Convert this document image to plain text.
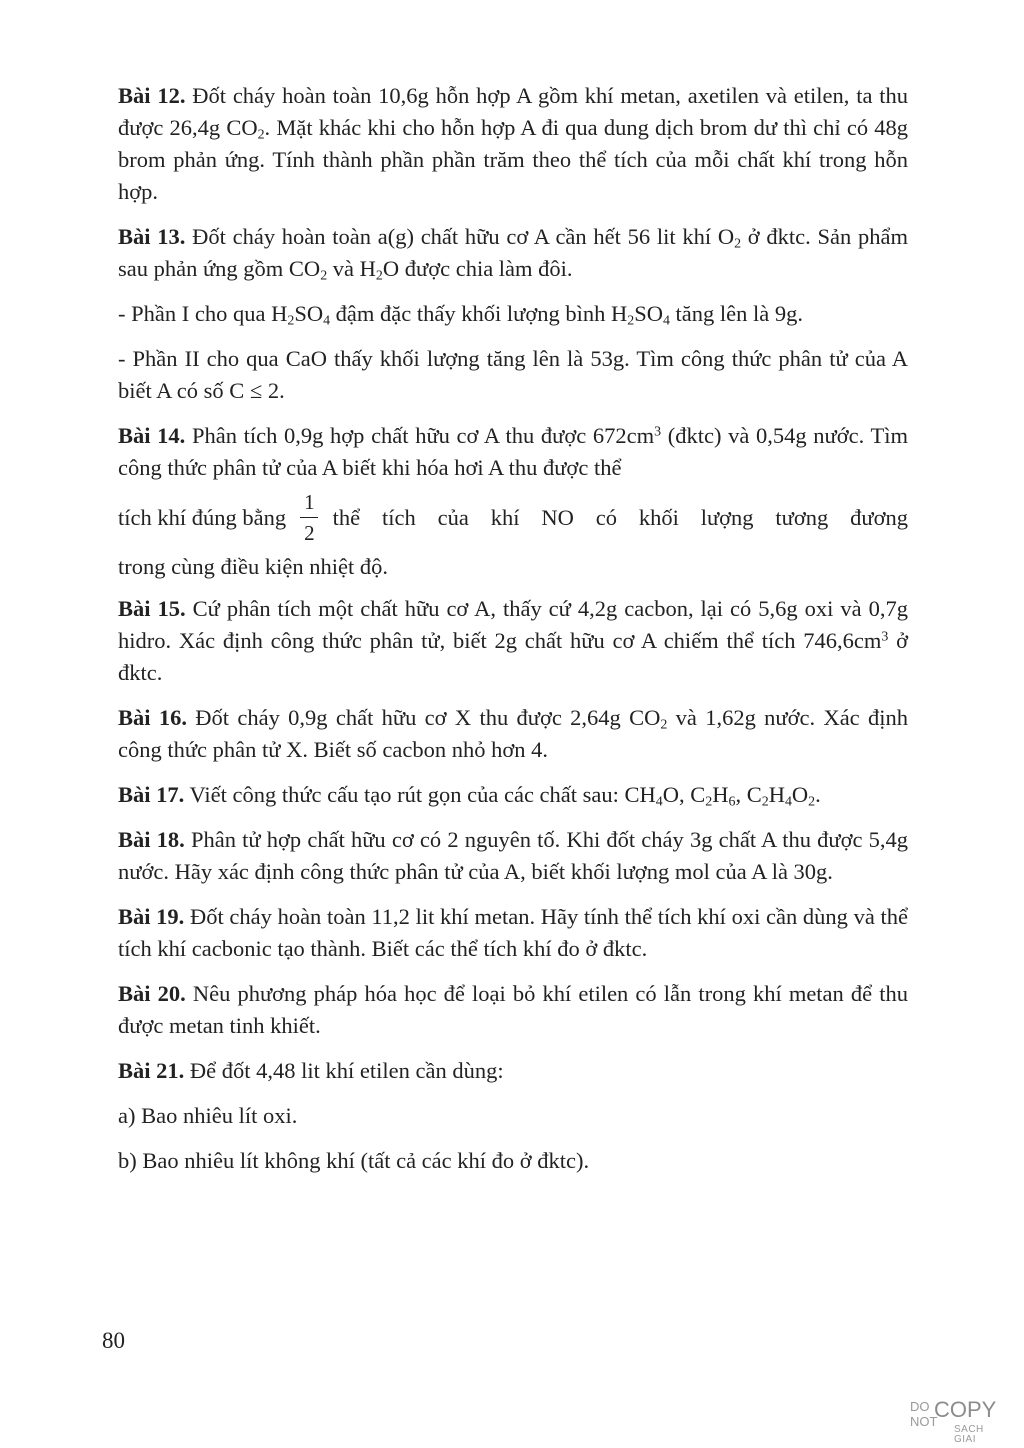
Bài 12. Đốt cháy hoàn toàn 10,6g hỗn hợp A gồm khí metan, axetilen và etilen, ta thu được 26,4g $CO_2$. Mặt khác khi cho hỗn hợp A đi qua dung dịch brom dư thì chỉ có 48g brom phản ứng. Tính thành phần phần trăm theo thể tích của mỗi chất khí trong hỗn hợp.

Bài 13. Đốt cháy hoàn toàn a(g) chất hữu cơ A cần hết 56 lit khí $O_2$ ở đktc. Sản phẩm sau phản ứng gồm $CO_2$ và $H_2O$ được chia làm đôi.

- Phần I cho qua $H_2SO_4$ đậm đặc thấy khối lượng bình $H_2SO_4$ tăng lên là 9g.

- Phần II cho qua CaO thấy khối lượng tăng lên là 53g. Tìm công thức phân tử của A biết A có số C ≤ 2.

Bài 14. Phân tích 0,9g hợp chất hữu cơ A thu được $672cm^3$ (đktc) và 0,54g nước. Tìm công thức phân tử của A biết khi hóa hơi A thu được thể
tích khí đúng bằng $\frac{1}{2}$ thể tích của khí NO có khối lượng tương đương
trong cùng điều kiện nhiệt độ.

Bài 15. Cứ phân tích một chất hữu cơ A, thấy cứ 4,2g cacbon, lại có 5,6g oxi và 0,7g hidro. Xác định công thức phân tử, biết 2g chất hữu cơ A chiếm thể tích $746,6cm^3$ ở đktc.

Bài 16. Đốt cháy 0,9g chất hữu cơ X thu được 2,64g $CO_2$ và 1,62g nước. Xác định công thức phân tử X. Biết số cacbon nhỏ hơn 4.

Bài 17. Viết công thức cấu tạo rút gọn của các chất sau: $CH_4O$, $C_2H_6$, $C_2H_4O_2$.

Bài 18. Phân tử hợp chất hữu cơ có 2 nguyên tố. Khi đốt cháy 3g chất A thu được 5,4g nước. Hãy xác định công thức phân tử của A, biết khối lượng mol của A là 30g.

Bài 19. Đốt cháy hoàn toàn 11,2 lit khí metan. Hãy tính thể tích khí oxi cần dùng và thể tích khí cacbonic tạo thành. Biết các thể tích khí đo ở đktc.

Bài 20. Nêu phương pháp hóa học để loại bỏ khí etilen có lẫn trong khí metan để thu được metan tinh khiết.

Bài 21. Để đốt 4,48 lit khí etilen cần dùng:

a) Bao nhiêu lít oxi.

b) Bao nhiêu lít không khí (tất cả các khí đo ở đktc).

80
DO
NOT
COPY
SACH GIAI
